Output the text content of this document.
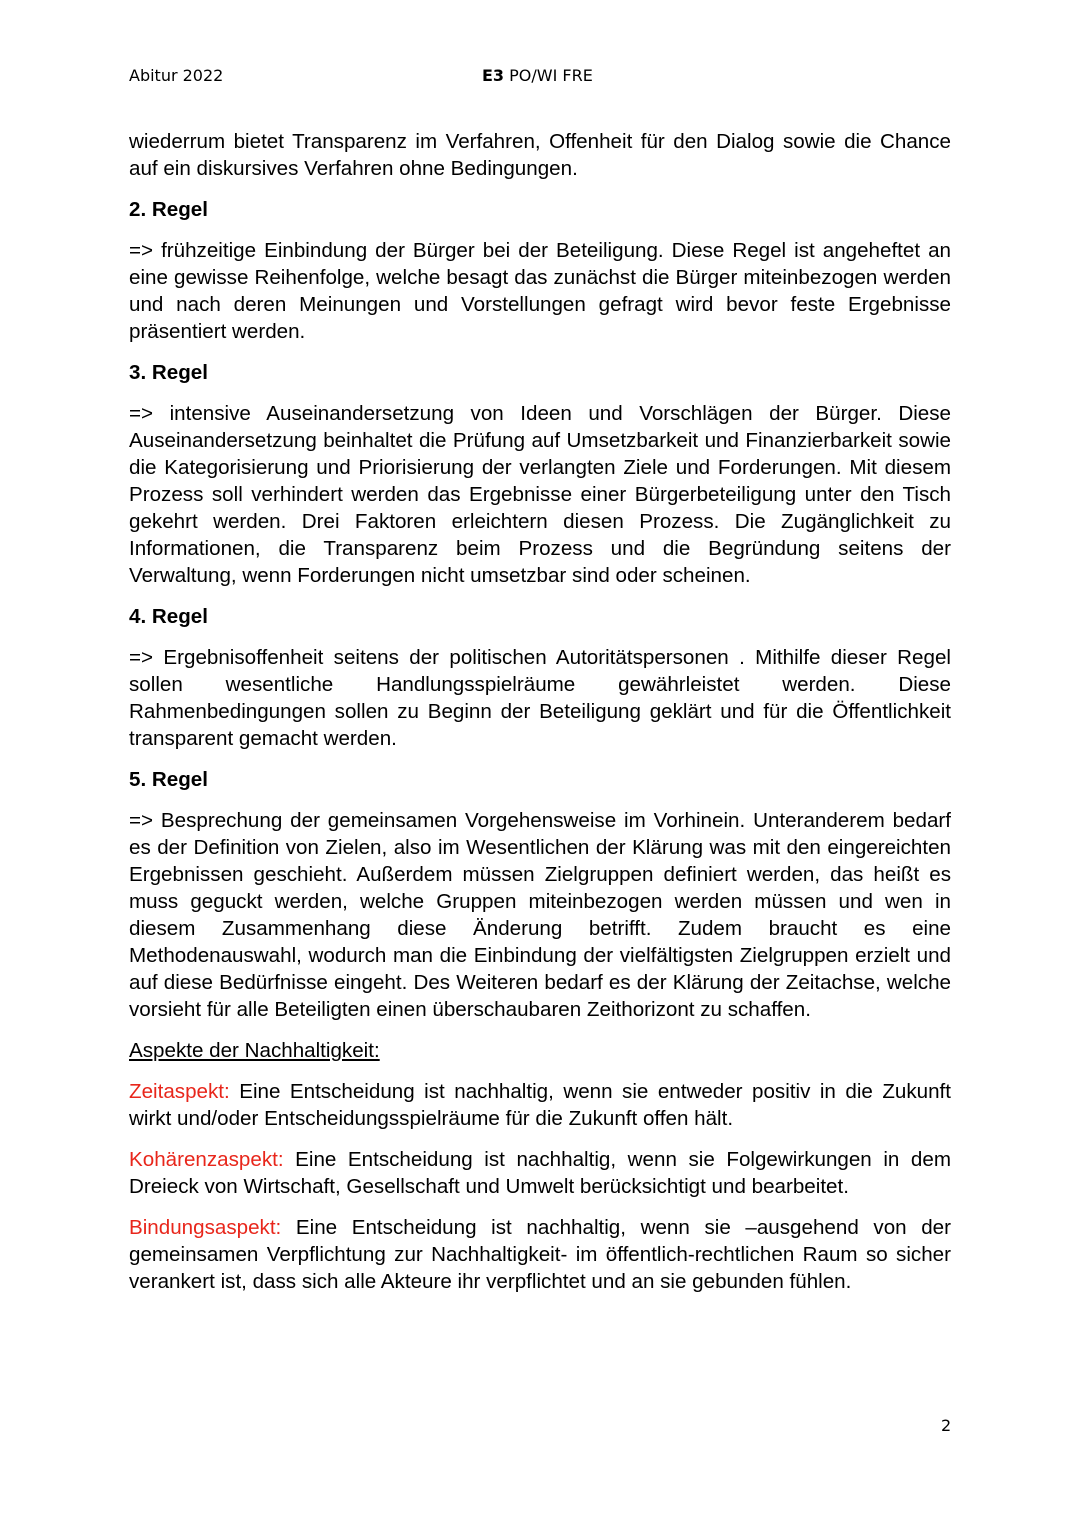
Abitur 2022	E3 PO/WI FRE

wiederrum bietet Transparenz im Verfahren, Offenheit für den Dialog sowie die Chance auf ein diskursives Verfahren ohne Bedingungen.

2. Regel

=> frühzeitige Einbindung der Bürger bei der Beteiligung. Diese Regel ist angeheftet an eine gewisse Reihenfolge, welche besagt das zunächst die Bürger miteinbezogen werden und nach deren Meinungen und Vorstellungen gefragt wird bevor feste Ergebnisse präsentiert werden.

3. Regel

=> intensive Auseinandersetzung von Ideen und Vorschlägen der Bürger. Diese Auseinandersetzung beinhaltet die Prüfung auf Umsetzbarkeit und Finanzierbarkeit sowie die Kategorisierung und Priorisierung der verlangten Ziele und Forderungen. Mit diesem Prozess soll verhindert werden das Ergebnisse einer Bürgerbeteiligung unter den Tisch gekehrt werden. Drei Faktoren erleichtern diesen Prozess. Die Zugänglichkeit zu Informationen, die Transparenz beim Prozess und die Begründung seitens der Verwaltung, wenn Forderungen nicht umsetzbar sind oder scheinen.

4. Regel

=> Ergebnisoffenheit seitens der politischen Autoritätspersonen . Mithilfe dieser Regel sollen wesentliche Handlungsspielräume gewährleistet werden. Diese Rahmenbedingungen sollen zu Beginn der Beteiligung geklärt und für die Öffentlichkeit transparent gemacht werden.

5. Regel

=> Besprechung der gemeinsamen Vorgehensweise im Vorhinein. Unteranderem bedarf es der Definition von Zielen, also im Wesentlichen der Klärung was mit den eingereichten Ergebnissen geschieht. Außerdem müssen Zielgruppen definiert werden, das heißt es muss geguckt werden, welche Gruppen miteinbezogen werden müssen und wen in diesem Zusammenhang diese Änderung betrifft. Zudem braucht es eine Methodenauswahl, wodurch man die Einbindung der vielfältigsten Zielgruppen erzielt und auf diese Bedürfnisse eingeht. Des Weiteren bedarf es der Klärung der Zeitachse, welche vorsieht für alle Beteiligten einen überschaubaren Zeithorizont zu schaffen.

Aspekte der Nachhaltigkeit:

Zeitaspekt: Eine Entscheidung ist nachhaltig, wenn sie entweder positiv in die Zukunft wirkt und/oder Entscheidungsspielräume für die Zukunft offen hält.

Kohärenzaspekt: Eine Entscheidung ist nachhaltig, wenn sie Folgewirkungen in dem Dreieck von Wirtschaft, Gesellschaft und Umwelt berücksichtigt und bearbeitet.

Bindungsaspekt: Eine Entscheidung ist nachhaltig, wenn sie –ausgehend von der gemeinsamen Verpflichtung zur Nachhaltigkeit- im öffentlich-rechtlichen Raum so sicher verankert ist, dass sich alle Akteure ihr verpflichtet und an sie gebunden fühlen.

2
